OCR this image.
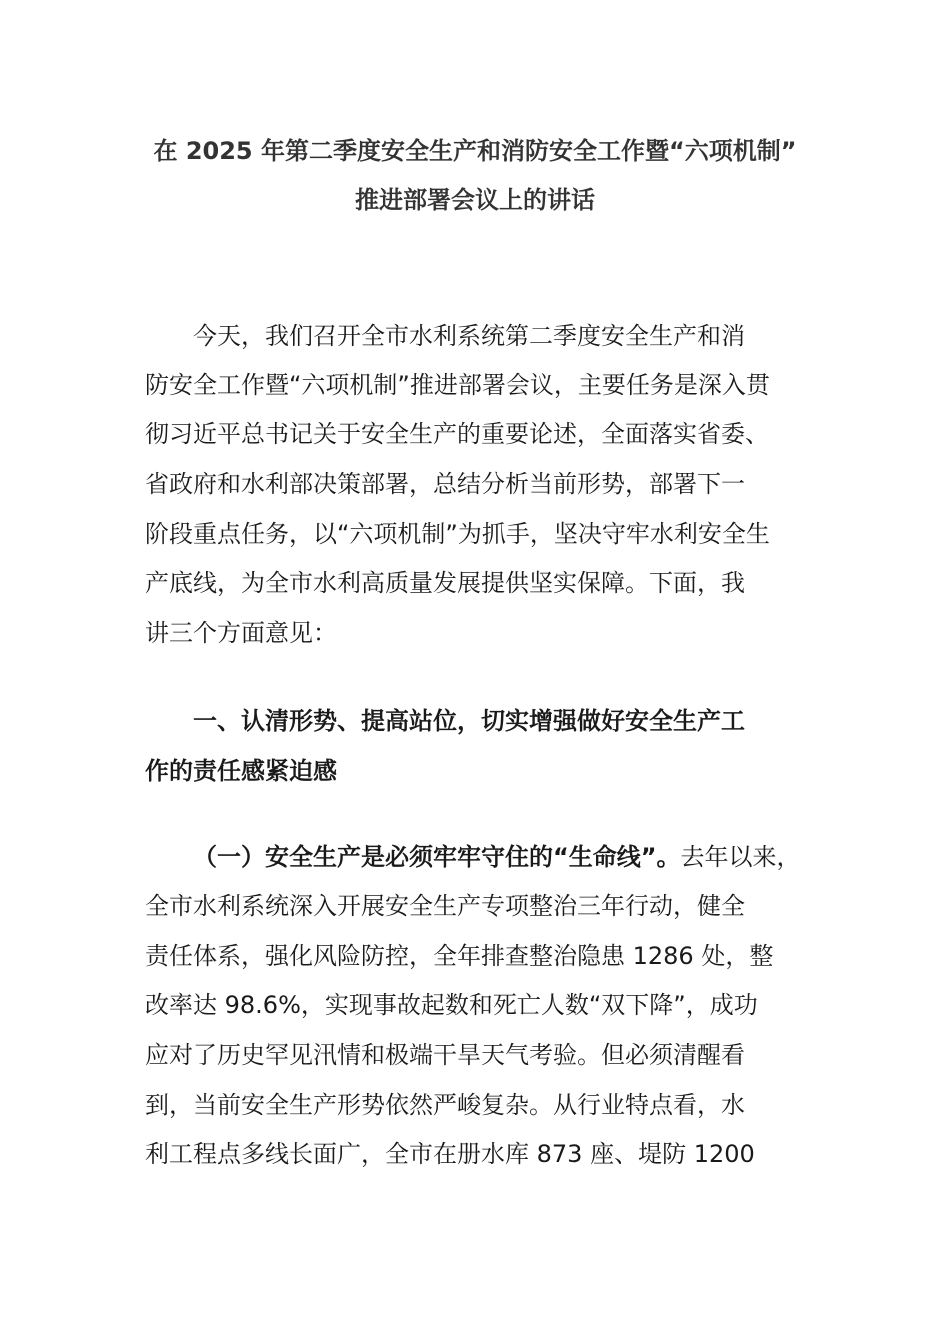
在 2025 年第二季度安全生产和消防安全工作暨“六项机制”
推进部署会议上的讲话
今天，我们召开全市水利系统第二季度安全生产和消
防安全工作暨“六项机制”推进部署会议，主要任务是深入贯
彻习近平总书记关于安全生产的重要论述，全面落实省委、
省政府和水利部决策部署，总结分析当前形势，部署下一
阶段重点任务，以“六项机制”为抓手，坚决守牢水利安全生
产底线，为全市水利高质量发展提供坚实保障。下面，我
讲三个方面意见：
一、认清形势、提高站位，切实增强做好安全生产工
作的责任感紧迫感
（一）安全生产是必须牢牢守住的“生命线”。去年以来，
全市水利系统深入开展安全生产专项整治三年行动，健全
责任体系，强化风险防控，全年排查整治隐患 1286 处，整
改率达 98.6%，实现事故起数和死亡人数“双下降”，成功
应对了历史罕见汛情和极端干旱天气考验。但必须清醒看
到，当前安全生产形势依然严峻复杂。从行业特点看，水
利工程点多线长面广，全市在册水库 873 座、堤防 1200
